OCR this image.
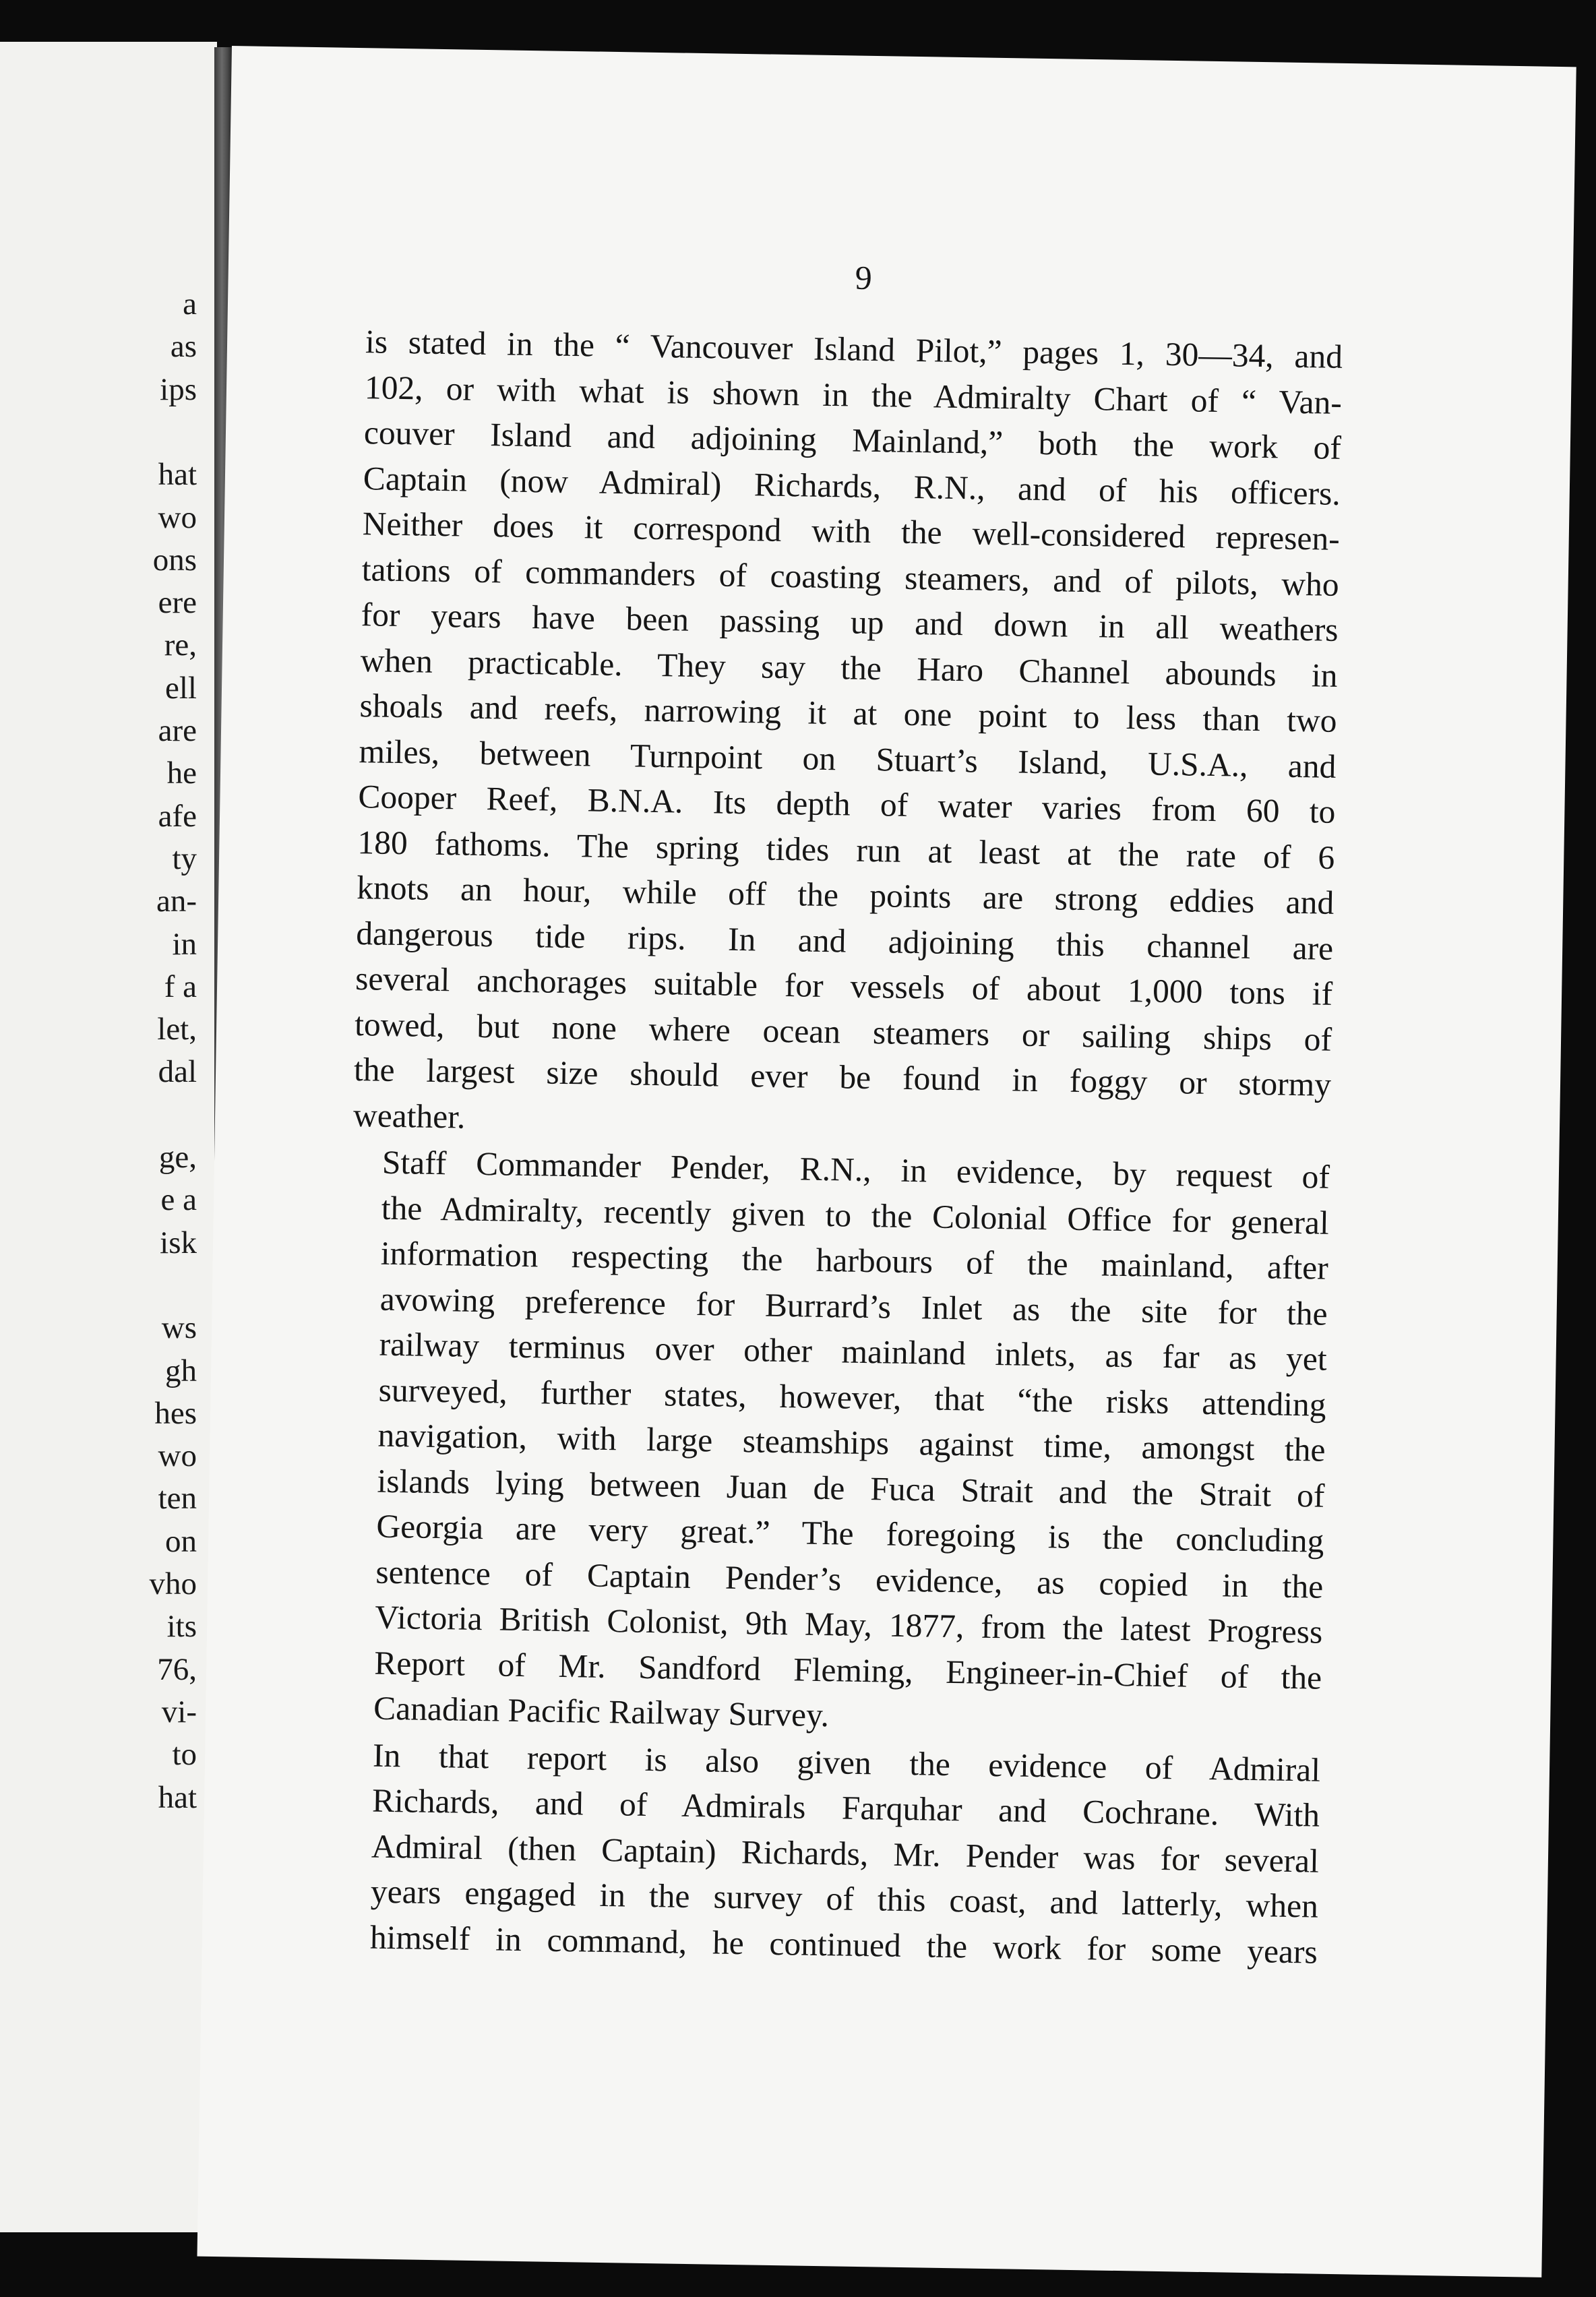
a
as
ips
hat
wo
ons
ere
re,
ell
are
he
afe
ty
an-
in
f a
let,
dal
ge,
e a
isk
ws
gh
hes
wo
ten
on
vho
its
76,
vi-
to
hat
9

is stated in the “ Vancouver Island Pilot,” pages 1, 30—34, and
102, or with what is shown in the Admiralty Chart of “ Van-
couver Island and adjoining Mainland,” both the work of
Captain (now Admiral) Richards, R.N., and of his officers.
Neither does it correspond with the well-considered represen-
tations of commanders of coasting steamers, and of pilots, who
for years have been passing up and down in all weathers
when practicable. They say the Haro Channel abounds in
shoals and reefs, narrowing it at one point to less than two
miles, between Turnpoint on Stuart’s Island, U.S.A., and
Cooper Reef, B.N.A. Its depth of water varies from 60 to
180 fathoms. The spring tides run at least at the rate of 6
knots an hour, while off the points are strong eddies and
dangerous tide rips. In and adjoining this channel are
several anchorages suitable for vessels of about 1,000 tons if
towed, but none where ocean steamers or sailing ships of
the largest size should ever be found in foggy or stormy
weather.

Staff Commander Pender, R.N., in evidence, by request of
the Admiralty, recently given to the Colonial Office for general
information respecting the harbours of the mainland, after
avowing preference for Burrard’s Inlet as the site for the
railway terminus over other mainland inlets, as far as yet
surveyed, further states, however, that “the risks attending
navigation, with large steamships against time, amongst the
islands lying between Juan de Fuca Strait and the Strait of
Georgia are very great.” The foregoing is the concluding
sentence of Captain Pender’s evidence, as copied in the
Victoria British Colonist, 9th May, 1877, from the latest Progress
Report of Mr. Sandford Fleming, Engineer-in-Chief of the
Canadian Pacific Railway Survey.

In that report is also given the evidence of Admiral
Richards, and of Admirals Farquhar and Cochrane. With
Admiral (then Captain) Richards, Mr. Pender was for several
years engaged in the survey of this coast, and latterly, when
himself in command, he continued the work for some years
